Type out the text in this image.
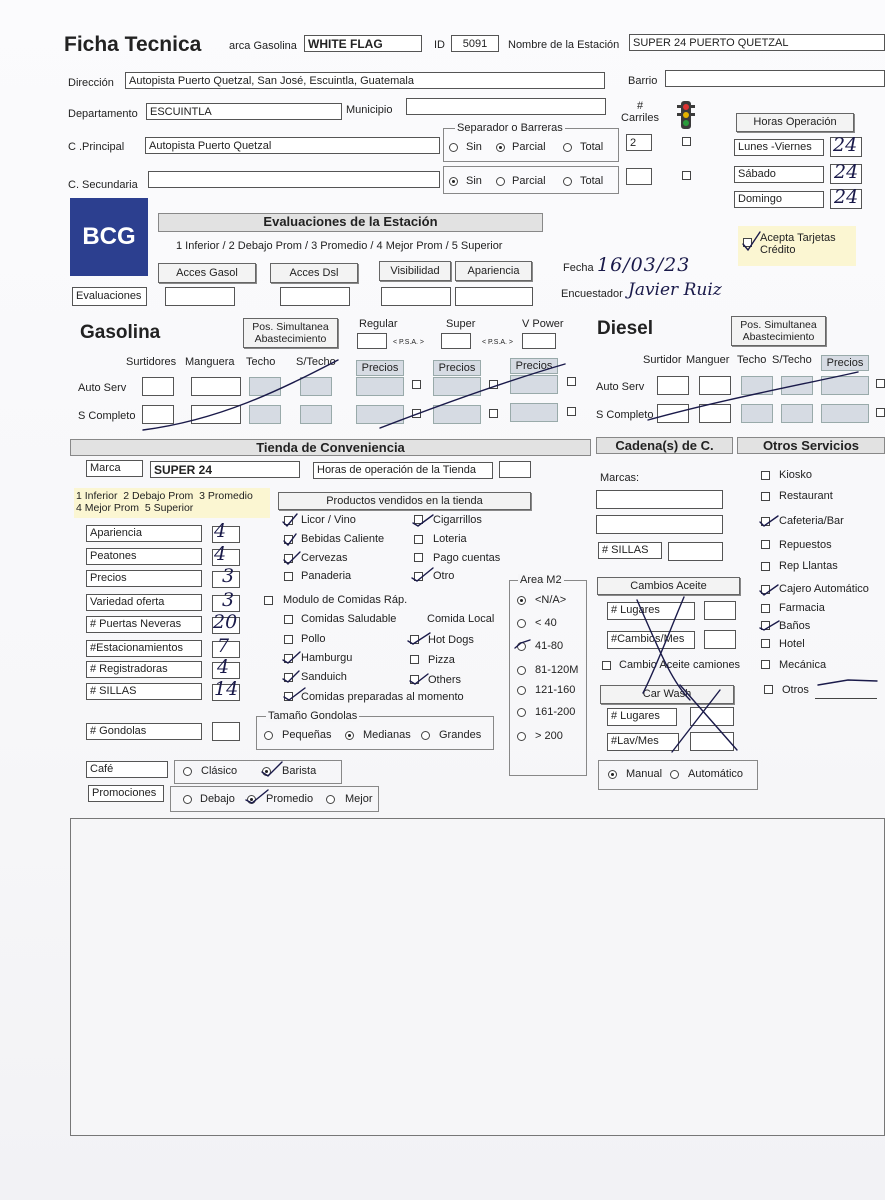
Ficha Tecnica	arca Gasolina WHITE FLAG	ID	5091	Nombre de la Estación	SUPER 24 PUERTO QUETZAL
Dirección	Autopista Puerto Quetzal, San José, Escuintla, Guatemala	Barrio
Departamento	ESCUINTLA	Municipio	# Carriles
2
C .Principal	Autopista Puerto Quetzal
C. Secundaria
Separador o Barreras
Sin	Parcial	Total
Sin	Parcial	Total
Horas Operación
Lunes -Viernes	24
Sábado	24
Domingo	24
BCG
Evaluaciones de la Estación
1 Inferior / 2 Debajo Prom / 3 Promedio / 4 Mejor Prom / 5 Superior
Acces Gasol	Acces Dsl	Visibilidad	Apariencia
Evaluaciones
Fecha 16/03/23
Encuestador Javier Ruiz
Acepta Tarjetas Crédito
Gasolina	Pos. Simultanea Abastecimiento
Regular	Super	V Power
< P.S.A. >	< P.S.A. >
Surtidores Manguera Techo S/Techo	Precios	Precios	Precios
Auto Serv
S Completo
Diesel	Pos. Simultanea Abastecimiento
Surtidor Manguer Techo S/Techo	Precios
Auto Serv
S Completo
Tienda de Conveniencia	Cadena(s) de C.	Otros Servicios
Marca	SUPER 24	Horas de operación de la Tienda
1 Inferior  2 Debajo Prom  3 Promedio
4 Mejor Prom  5 Superior
Apariencia	4
Peatones	4
Precios	3
Variedad oferta	3
# Puertas Neveras	20
#Estacionamientos	7
# Registradoras	4
# SILLAS	14
# Gondolas
Productos vendidos en la tienda
Licor / Vino
Bebidas Caliente
Cervezas
Panaderia
Cigarrillos
Loteria
Pago cuentas
Otro
Modulo de Comidas Ráp.
Comida Local
Comidas Saludable
Pollo
Hamburgu
Sanduich
Comidas preparadas al momento
Hot Dogs
Pizza
Others
Tamaño Gondolas
Pequeñas	Medianas	Grandes
Café	Clásico	Barista
Promociones	Debajo	Promedio	Mejor
Area M2
<N/A>
< 40
41-80
81-120M
121-160
161-200
> 200
Marcas:
# SILLAS
Cambios Aceite
# Lugares
#Cambios/Mes
Cambio Aceite camiones
Car Wash
# Lugares
#Lav/Mes
Manual Automático
Kiosko
Restaurant
Cafeteria/Bar
Repuestos
Rep Llantas
Cajero Automático
Farmacia
Baños
Hotel
Mecánica
Otros
